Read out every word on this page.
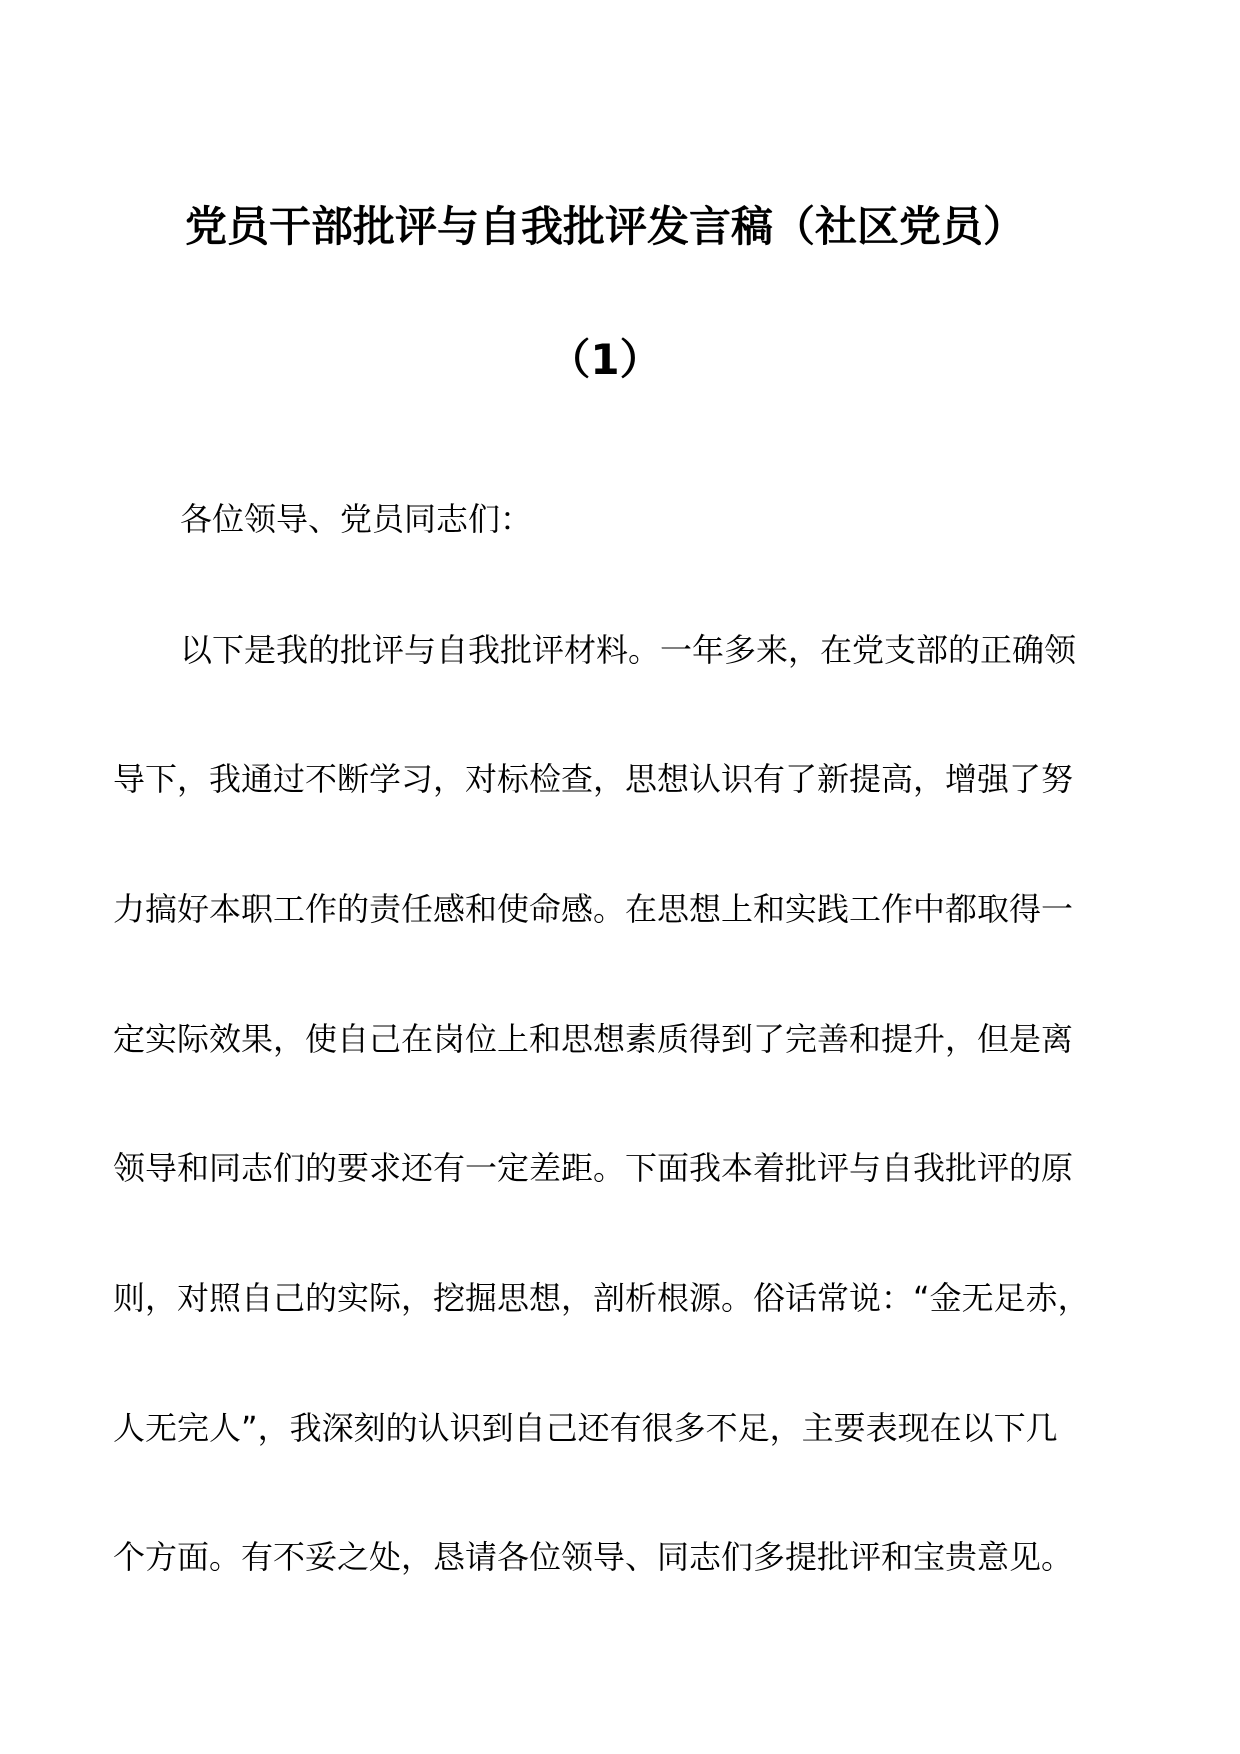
党员干部批评与自我批评发言稿（社区党员）
（1）

各位领导、党员同志们：

以下是我的批评与自我批评材料。一年多来，在党支部的正确领

导下，我通过不断学习，对标检查，思想认识有了新提高，增强了努

力搞好本职工作的责任感和使命感。在思想上和实践工作中都取得一

定实际效果，使自己在岗位上和思想素质得到了完善和提升，但是离

领导和同志们的要求还有一定差距。下面我本着批评与自我批评的原

则，对照自己的实际，挖掘思想，剖析根源。俗话常说：“金无足赤，

人无完人”，我深刻的认识到自己还有很多不足，主要表现在以下几

个方面。有不妥之处，恳请各位领导、同志们多提批评和宝贵意见。
